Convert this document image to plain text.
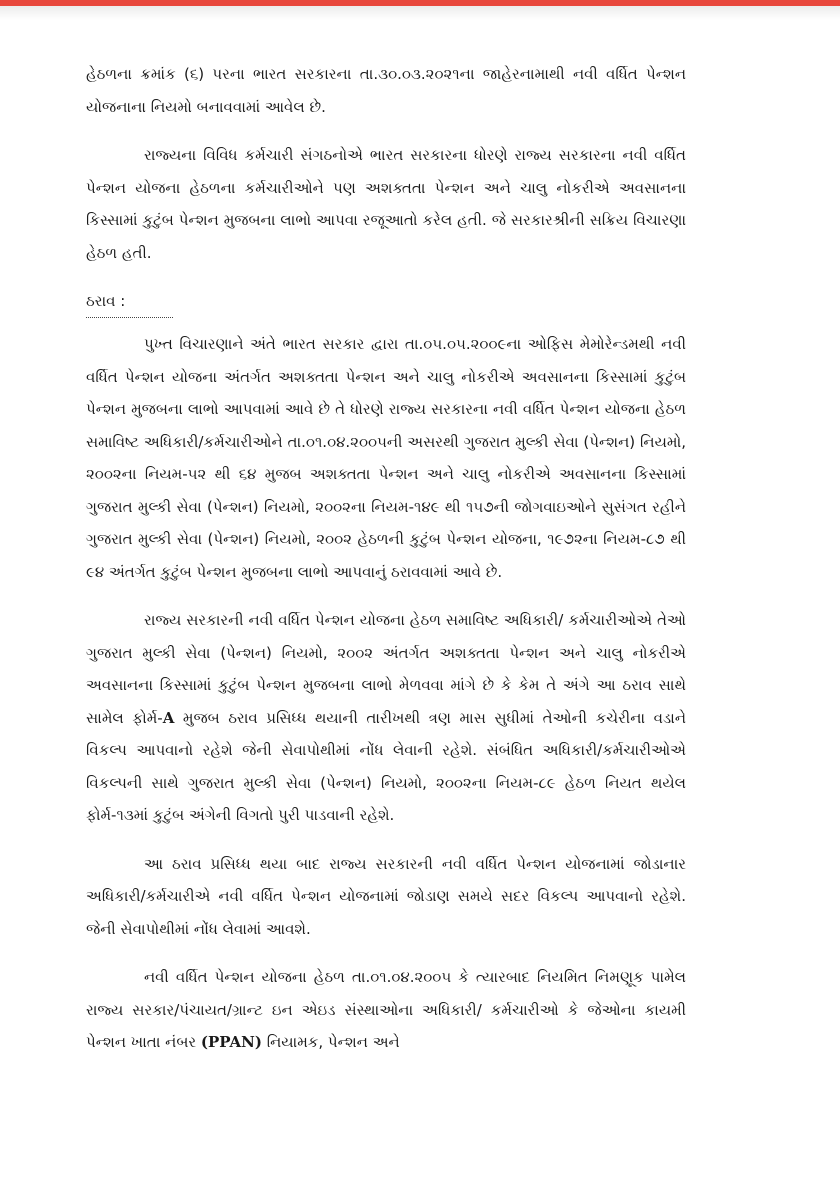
હેઠળના ક્રમાંક (૬) પરના ભારત સરકારના તા.૩૦.૦૩.૨૦૨૧ના જાહેરનામાથી નવી વર્ધિત પેન્શન યોજનાના નિયમો બનાવવામાં આવેલ છે.

રાજ્યના વિવિધ કર્મચારી સંગઠનોએ ભારત સરકારના ધોરણે રાજ્ય સરકારના નવી વર્ધિત પેન્શન યોજના હેઠળના કર્મચારીઓને પણ અશક્તતા પેન્શન અને ચાલુ નોકરીએ અવસાનના કિસ્સામાં કુટુંબ પેન્શન મુજબના લાભો આપવા રજૂઆતો કરેલ હતી. જે સરકારશ્રીની સક્રિય વિચારણા હેઠળ હતી.

ઠરાવ :

પુખ્ત વિચારણાને અંતે ભારત સરકાર દ્વારા તા.૦૫.૦૫.૨૦૦૯ના ઓફિસ મેમોરેન્ડમથી નવી વર્ધિત પેન્શન યોજના અંતર્ગત અશક્તતા પેન્શન અને ચાલુ નોકરીએ અવસાનના કિસ્સામાં કુટુંબ પેન્શન મુજબના લાભો આપવામાં આવે છે તે ધોરણે રાજ્ય સરકારના નવી વર્ધિત પેન્શન યોજના હેઠળ સમાવિષ્ટ અધિકારી/કર્મચારીઓને તા.૦૧.૦૪.૨૦૦૫ની અસરથી ગુજરાત મુલ્કી સેવા (પેન્શન) નિયમો, ૨૦૦૨ના નિયમ-૫૨ થી ૬૪ મુજબ અશક્તતા પેન્શન અને ચાલુ નોકરીએ અવસાનના કિસ્સામાં ગુજરાત મુલ્કી સેવા (પેન્શન) નિયમો, ૨૦૦૨ના નિયમ-૧૪૯ થી ૧૫૭ની જોગવાઇઓને સુસંગત રહીને ગુજરાત મુલ્કી સેવા (પેન્શન) નિયમો, ૨૦૦૨ હેઠળની કુટુંબ પેન્શન યોજના, ૧૯૭૨ના નિયમ-૮૭ થી ૯૪ અંતર્ગત કુટુંબ પેન્શન મુજબના લાભો આપવાનું ઠરાવવામાં આવે છે.

રાજ્ય સરકારની નવી વર્ધિત પેન્શન યોજના હેઠળ સમાવિષ્ટ અધિકારી/ કર્મચારીઓએ તેઓ ગુજરાત મુલ્કી સેવા (પેન્શન) નિયમો, ૨૦૦૨ અંતર્ગત અશક્તતા પેન્શન અને ચાલુ નોકરીએ અવસાનના કિસ્સામાં કુટુંબ પેન્શન મુજબના લાભો મેળવવા માંગે છે કે કેમ તે અંગે આ ઠરાવ સાથે સામેલ ફોર્મ-A મુજબ ઠરાવ પ્રસિધ્ધ થયાની તારીખથી ત્રણ માસ સુધીમાં તેઓની કચેરીના વડાને વિકલ્પ આપવાનો રહેશે જેની સેવાપોથીમાં નોંધ લેવાની રહેશે. સંબંધિત અધિકારી/કર્મચારીઓએ વિકલ્પની સાથે ગુજરાત મુલ્કી સેવા (પેન્શન) નિયમો, ૨૦૦૨ના નિયમ-૮૯ હેઠળ નિયત થયેલ ફોર્મ-૧૩માં કુટુંબ અંગેની વિગતો પુરી પાડવાની રહેશે.

આ ઠરાવ પ્રસિધ્ધ થયા બાદ રાજ્ય સરકારની નવી વર્ધિત પેન્શન યોજનામાં જોડાનાર અધિકારી/કર્મચારીએ નવી વર્ધિત પેન્શન યોજનામાં જોડાણ સમયે સદર વિકલ્પ આપવાનો રહેશે. જેની સેવાપોથીમાં નોંધ લેવામાં આવશે.

નવી વર્ધિત પેન્શન યોજના હેઠળ તા.૦૧.૦૪.૨૦૦૫ કે ત્યારબાદ નિયમિત નિમણૂક પામેલ રાજ્ય સરકાર/પંચાયત/ગ્રાન્ટ ઇન એઇડ સંસ્થાઓના અધિકારી/ કર્મચારીઓ કે જેઓના કાયમી પેન્શન ખાતા નંબર (PPAN) નિયામક, પેન્શન અને
